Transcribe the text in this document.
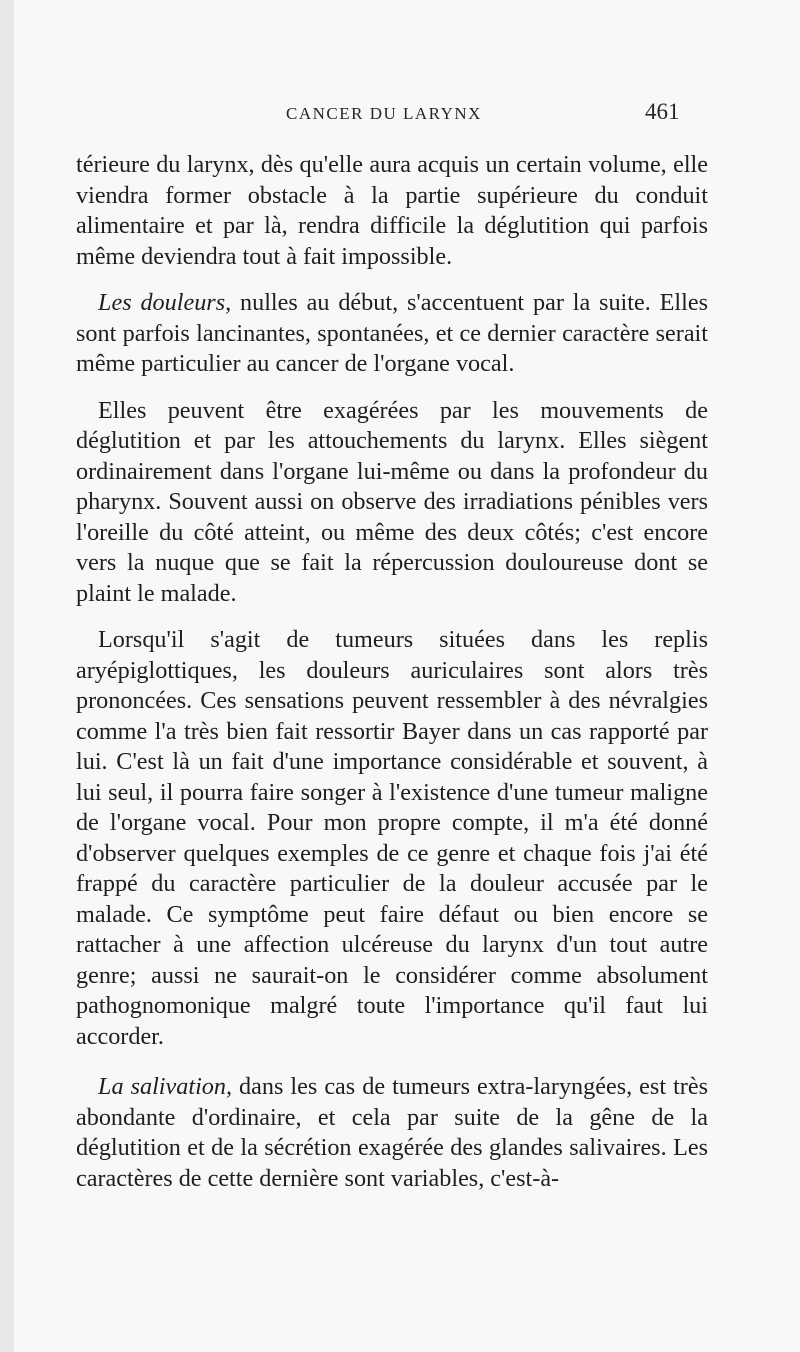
CANCER DU LARYNX	461

térieure du larynx, dès qu'elle aura acquis un certain volume, elle viendra former obstacle à la partie supérieure du conduit alimentaire et par là, rendra difficile la déglutition qui parfois même deviendra tout à fait impossible.

Les douleurs, nulles au début, s'accentuent par la suite. Elles sont parfois lancinantes, spontanées, et ce dernier caractère serait même particulier au cancer de l'organe vocal.

Elles peuvent être exagérées par les mouvements de déglutition et par les attouchements du larynx. Elles siègent ordinairement dans l'organe lui-même ou dans la profondeur du pharynx. Souvent aussi on observe des irradiations pénibles vers l'oreille du côté atteint, ou même des deux côtés; c'est encore vers la nuque que se fait la répercussion douloureuse dont se plaint le malade.

Lorsqu'il s'agit de tumeurs situées dans les replis aryépiglottiques, les douleurs auriculaires sont alors très prononcées. Ces sensations peuvent ressembler à des névralgies comme l'a très bien fait ressortir Bayer dans un cas rapporté par lui. C'est là un fait d'une importance considérable et souvent, à lui seul, il pourra faire songer à l'existence d'une tumeur maligne de l'organe vocal. Pour mon propre compte, il m'a été donné d'observer quelques exemples de ce genre et chaque fois j'ai été frappé du caractère particulier de la douleur accusée par le malade. Ce symptôme peut faire défaut ou bien encore se rattacher à une affection ulcéreuse du larynx d'un tout autre genre; aussi ne saurait-on le considérer comme absolument pathognomonique malgré toute l'importance qu'il faut lui accorder.

La salivation, dans les cas de tumeurs extra-laryngées, est très abondante d'ordinaire, et cela par suite de la gêne de la déglutition et de la sécrétion exagérée des glandes salivaires. Les caractères de cette dernière sont variables, c'est-à-
